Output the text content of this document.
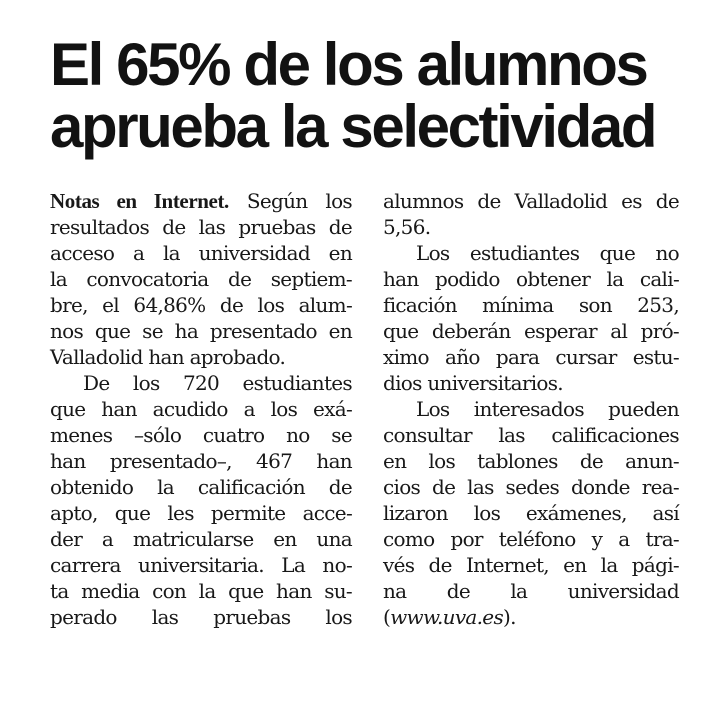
El 65% de los alumnos
aprueba la selectividad
Notas en Internet. Según los
resultados de las pruebas de
acceso a la universidad en
la convocatoria de septiem-
bre, el 64,86% de los alum-
nos que se ha presentado en
Valladolid han aprobado.
De los 720 estudiantes
que han acudido a los exá-
menes –sólo cuatro no se
han presentado–, 467 han
obtenido la calificación de
apto, que les permite acce-
der a matricularse en una
carrera universitaria. La no-
ta media con la que han su-
perado las pruebas los
alumnos de Valladolid es de
5,56.
Los estudiantes que no
han podido obtener la cali-
ficación mínima son 253,
que deberán esperar al pró-
ximo año para cursar estu-
dios universitarios.
Los interesados pueden
consultar las calificaciones
en los tablones de anun-
cios de las sedes donde rea-
lizaron los exámenes, así
como por teléfono y a tra-
vés de Internet, en la pági-
na de la universidad
(www.uva.es).
